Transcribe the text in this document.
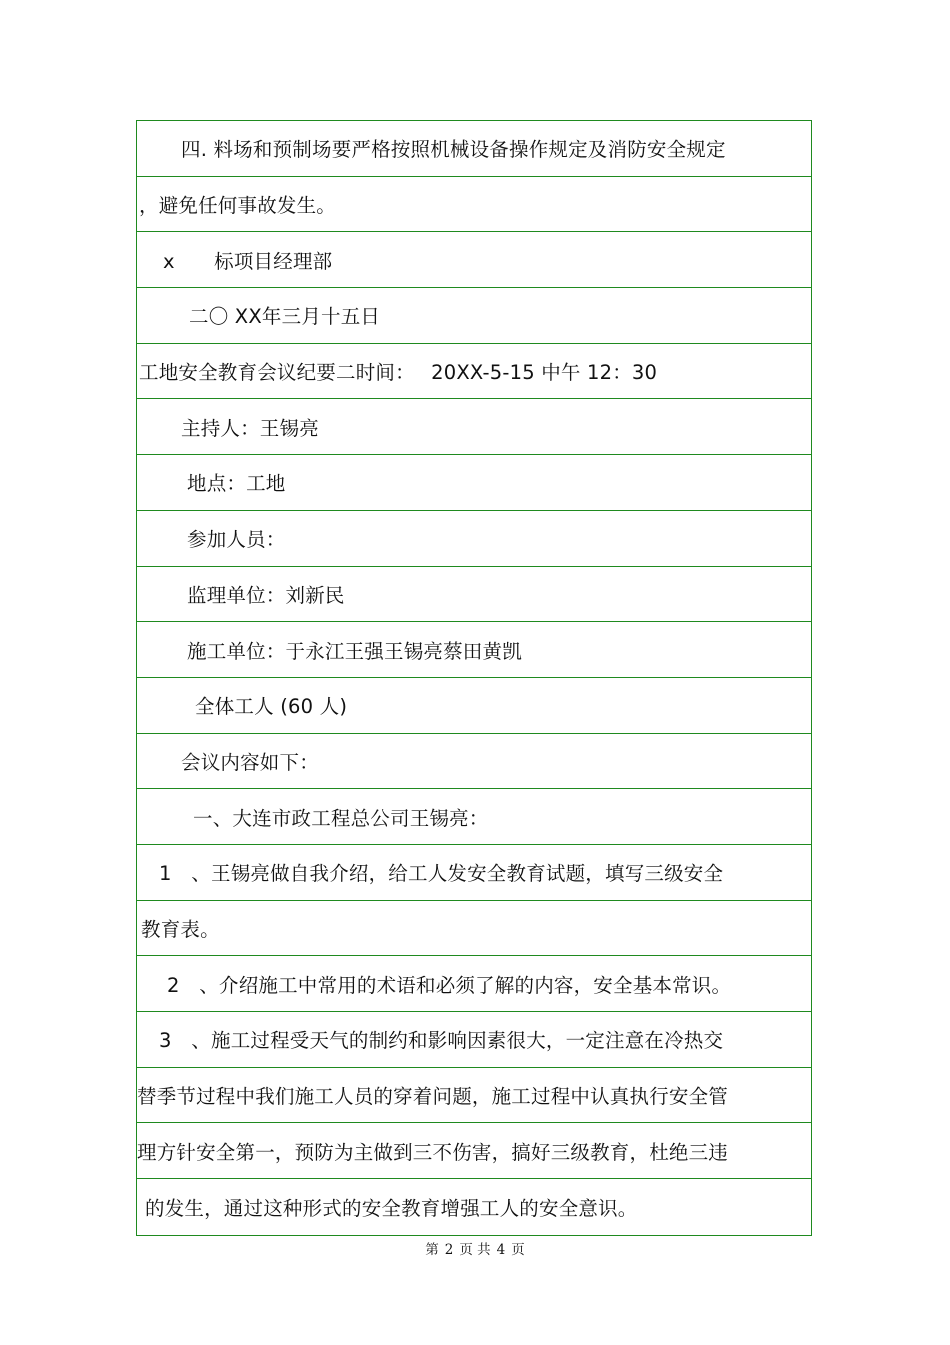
四. 料场和预制场要严格按照机械设备操作规定及消防安全规定
，避免任何事故发生。
x　　标项目经理部
二〇 XX年三月十五日
工地安全教育会议纪要二时间：　 20XX-5-15 中午 12：30
主持人：王锡亮
地点：工地
参加人员：
监理单位：刘新民
施工单位：于永江王强王锡亮蔡田黄凯
全体工人 (60 人)
会议内容如下：
一、大连市政工程总公司王锡亮：
1　、王锡亮做自我介绍，给工人发安全教育试题，填写三级安全
教育表。
2　、介绍施工中常用的术语和必须了解的内容，安全基本常识。
3　、施工过程受天气的制约和影响因素很大，一定注意在冷热交
替季节过程中我们施工人员的穿着问题，施工过程中认真执行安全管
理方针安全第一，预防为主做到三不伤害，搞好三级教育，杜绝三违
的发生，通过这种形式的安全教育增强工人的安全意识。
第 2 页 共 4 页
